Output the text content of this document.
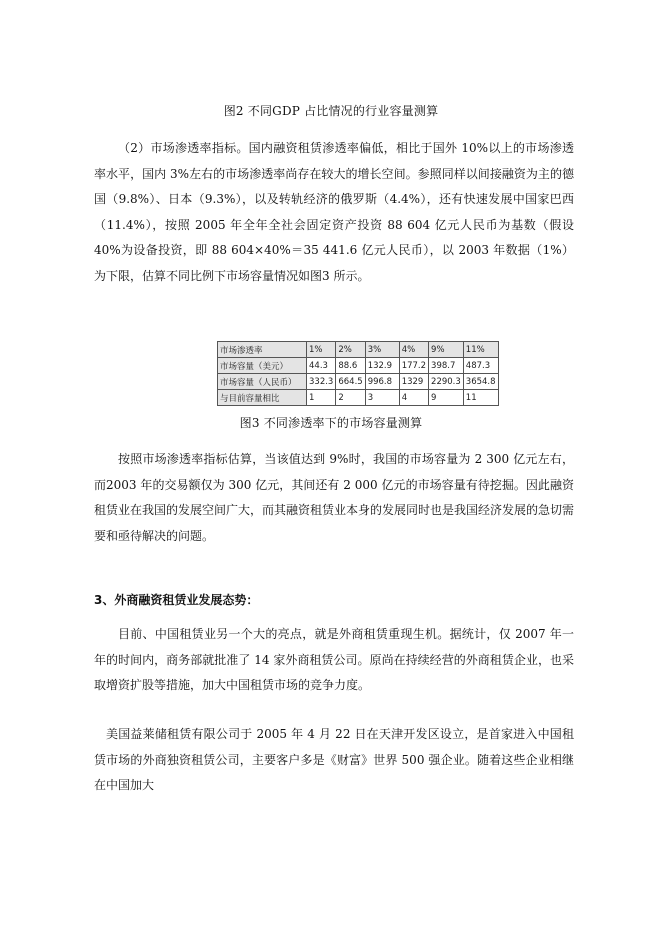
图2 不同GDP 占比情况的行业容量测算

（2）市场渗透率指标。国内融资租赁渗透率偏低，相比于国外 10%以上的市场渗透率水平，国内 3%左右的市场渗透率尚存在较大的增长空间。参照同样以间接融资为主的德国（9.8%）、日本（9.3%），以及转轨经济的俄罗斯（4.4%），还有快速发展中国家巴西（11.4%），按照 2005 年全年全社会固定资产投资 88 604 亿元人民币为基数（假设 40%为设备投资，即 88 604×40%＝35 441.6 亿元人民币），以 2003 年数据（1%）为下限，估算不同比例下市场容量情况如图3 所示。

市场渗透率	1%	2%	3%	4%	9%	11%
市场容量（美元）	44.3	88.6	132.9	177.2	398.7	487.3
市场容量（人民币）	332.3	664.5	996.8	1329	2290.3	3654.8
与目前容量相比	1	2	3	4	9	11
图3 不同渗透率下的市场容量测算

按照市场渗透率指标估算，当该值达到 9%时，我国的市场容量为 2 300 亿元左右，而2003 年的交易额仅为 300 亿元，其间还有 2 000 亿元的市场容量有待挖掘。因此融资租赁业在我国的发展空间广大，而其融资租赁业本身的发展同时也是我国经济发展的急切需要和亟待解决的问题。

3、外商融资租赁业发展态势：

目前、中国租赁业另一个大的亮点，就是外商租赁重现生机。据统计，仅 2007 年一年的时间内，商务部就批准了 14 家外商租赁公司。原尚在持续经营的外商租赁企业，也采取增资扩股等措施，加大中国租赁市场的竞争力度。

美国益莱储租赁有限公司于 2005 年 4 月 22 日在天津开发区设立，是首家进入中国租赁市场的外商独资租赁公司，主要客户多是《财富》世界 500 强企业。随着这些企业相继在中国加大
